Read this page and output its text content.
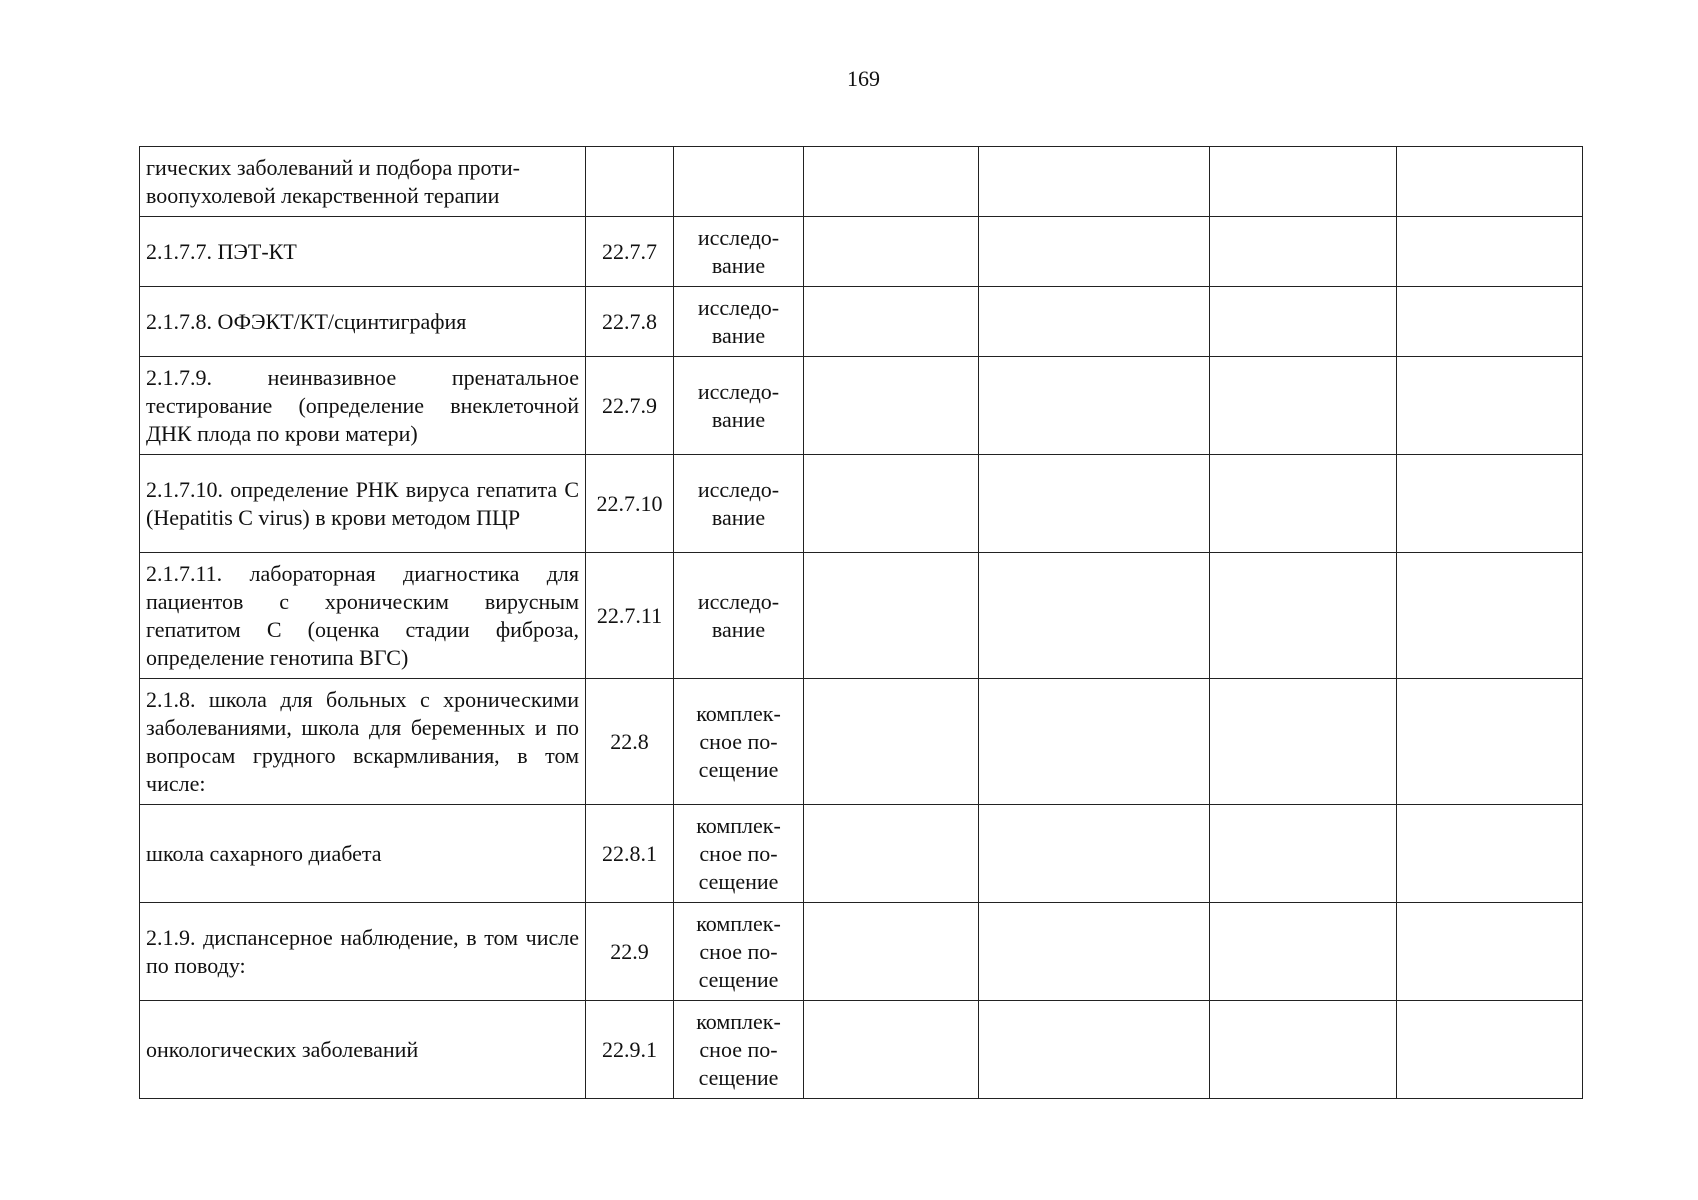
169
гических заболеваний и подбора проти-
воопухолевой лекарственной терапии						

2.1.7.7. ПЭТ-КТ	22.7.7	исследо-
вание				

2.1.7.8. ОФЭКТ/КТ/сцинтиграфия	22.7.8	исследо-
вание				

2.1.7.9. неинвазивное пренатальное тестирование (определение внеклеточной ДНК плода по крови матери)	22.7.9	исследо-
вание				

2.1.7.10. определение РНК вируса гепатита C (Hepatitis C virus) в крови методом ПЦР	22.7.10	исследо-
вание				

2.1.7.11. лабораторная диагностика для пациентов с хроническим вирусным гепатитом C (оценка стадии фиброза, определение генотипа ВГС)	22.7.11	исследо-
вание				

2.1.8. школа для больных с хроническими заболеваниями, школа для беременных и по вопросам грудного вскармливания, в том числе:	22.8	комплек-
сное по-
сещение				

школа сахарного диабета	22.8.1	комплек-
сное по-
сещение				

2.1.9. диспансерное наблюдение, в том числе по поводу:	22.9	комплек-
сное по-
сещение				

онкологических заболеваний	22.9.1	комплек-
сное по-
сещение				
